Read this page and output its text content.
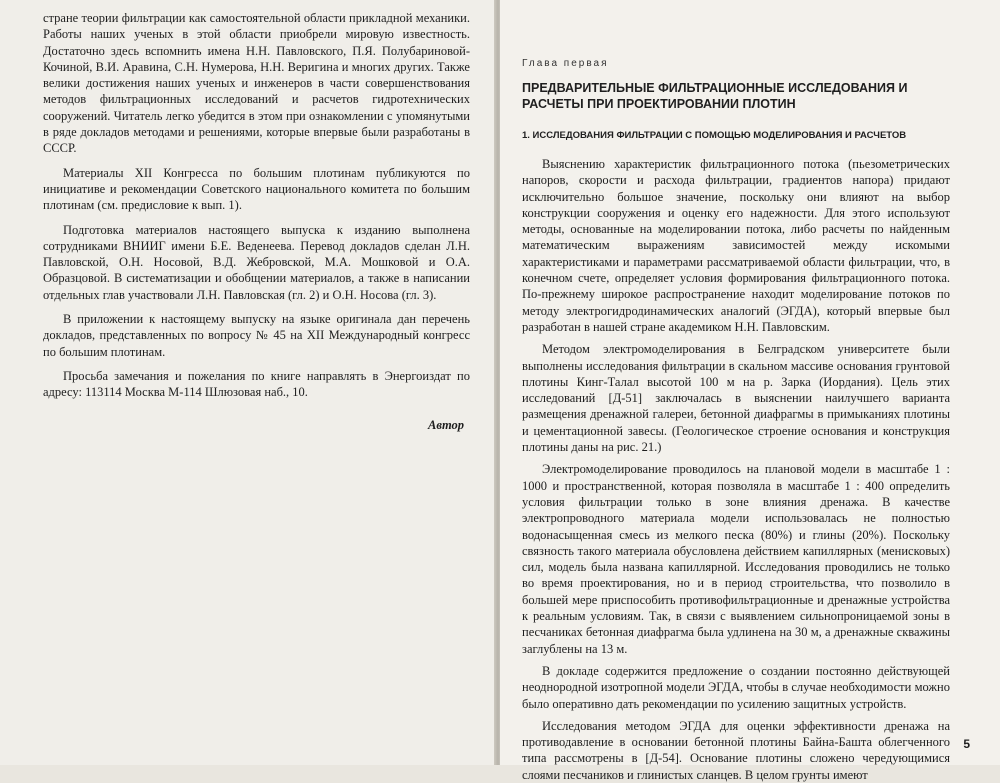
странe теории фильтрации как самостоятельной области прикладной механики. Работы наших ученых в этой области приобрели мировую известность. Достаточно здесь вспомнить имена Н.Н. Павловского, П.Я. Полубариновой-Кочиной, В.И. Аравина, С.Н. Нумерова, Н.Н. Веригина и многих других. Также велики достижения наших ученых и инженеров в части совершенствования методов фильтрационных исследований и расчетов гидротехнических сооружений. Читатель легко убедится в этом при ознакомлении с упомянутыми в ряде докладов методами и решениями, которые впервые были разработаны в СССР.

Материалы ХII Конгресса по большим плотинам публикуются по инициативе и рекомендации Советского национального комитета по большим плотинам (см. предисловие к вып. 1).

Подготовка материалов настоящего выпуска к изданию выполнена сотрудниками ВНИИГ имени Б.Е. Веденеева. Перевод докладов сделан Л.Н. Павловской, О.Н. Носовой, В.Д. Жебровской, М.А. Мошковой и О.А. Образцовой. В систематизации и обобщении материалов, а также в написании отдельных глав участвовали Л.Н. Павловская (гл. 2) и О.Н. Носова (гл. 3).

В приложении к настоящему выпуску на языке оригинала дан перечень докладов, представленных по вопросу № 45 на ХII Международный конгресс по большим плотинам.

Просьба замечания и пожелания по книге направлять в Энергоиздат по адресу: 113114 Москва М-114 Шлюзовая наб., 10.

Автор
Глава первая
ПРЕДВАРИТЕЛЬНЫЕ ФИЛЬТРАЦИОННЫЕ ИССЛЕДОВАНИЯ И РАСЧЕТЫ ПРИ ПРОЕКТИРОВАНИИ ПЛОТИН
1. ИССЛЕДОВАНИЯ ФИЛЬТРАЦИИ С ПОМОЩЬЮ МОДЕЛИРОВАНИЯ И РАСЧЕТОВ

Выяснению характеристик фильтрационного потока (пьезометрических напоров, скорости и расхода фильтрации, градиентов напора) придают исключительно большое значение, поскольку они влияют на выбор конструкции сооружения и оценку его надежности. Для этого используют методы, основанные на моделировании потока, либо расчеты по найденным математическим выражениям зависимостей между искомыми характеристиками и параметрами рассматриваемой области фильтрации, что, в конечном счете, определяет условия формирования фильтрационного потока. По-прежнему широкое распространение находит моделирование потоков по методу электрогидродинамических аналогий (ЭГДА), который впервые был разработан в нашей стране академиком Н.Н. Павловским.

Методом электромоделирования в Белградском университете были выполнены исследования фильтрации в скальном массиве основания грунтовой плотины Кинг-Талал высотой 100 м на р. Зарка (Иордания). Цель этих исследований [Д-51] заключалась в выяснении наилучшего варианта размещения дренажной галереи, бетонной диафрагмы в примыканиях плотины и цементационной завесы. (Геологическое строение основания и конструкция плотины даны на рис. 21.)

Электромоделирование проводилось на плановой модели в масштабе 1 : 1000 и пространственной, которая позволяла в масштабе 1 : 400 определить условия фильтрации только в зоне влияния дренажа. В качестве электропроводного материала модели использовалась не полностью водонасыщенная смесь из мелкого песка (80%) и глины (20%). Поскольку связность такого материала обусловлена действием капиллярных (менисковых) сил, модель была названа капиллярной. Исследования проводились не только во время проектирования, но и в период строительства, что позволило в большей мере приспособить противофильтрационные и дренажные устройства к реальным условиям. Так, в связи с выявлением сильнопроницаемой зоны в песчаниках бетонная диафрагма была удлинена на 30 м, а дренажные скважины заглублены на 13 м.

В докладе содержится предложение о создании постоянно действующей неоднородной изотропной модели ЭГДА, чтобы в случае необходимости можно было оперативно дать рекомендации по усилению защитных устройств.

Исследования методом ЭГДА для оценки эффективности дренажа на противодавление в основании бетонной плотины Байна-Башта облегченного типа рассмотрены в [Д-54]. Основание плотины сложено чередующимися слоями песчаников и глинистых сланцев. В целом грунты имеют

5
